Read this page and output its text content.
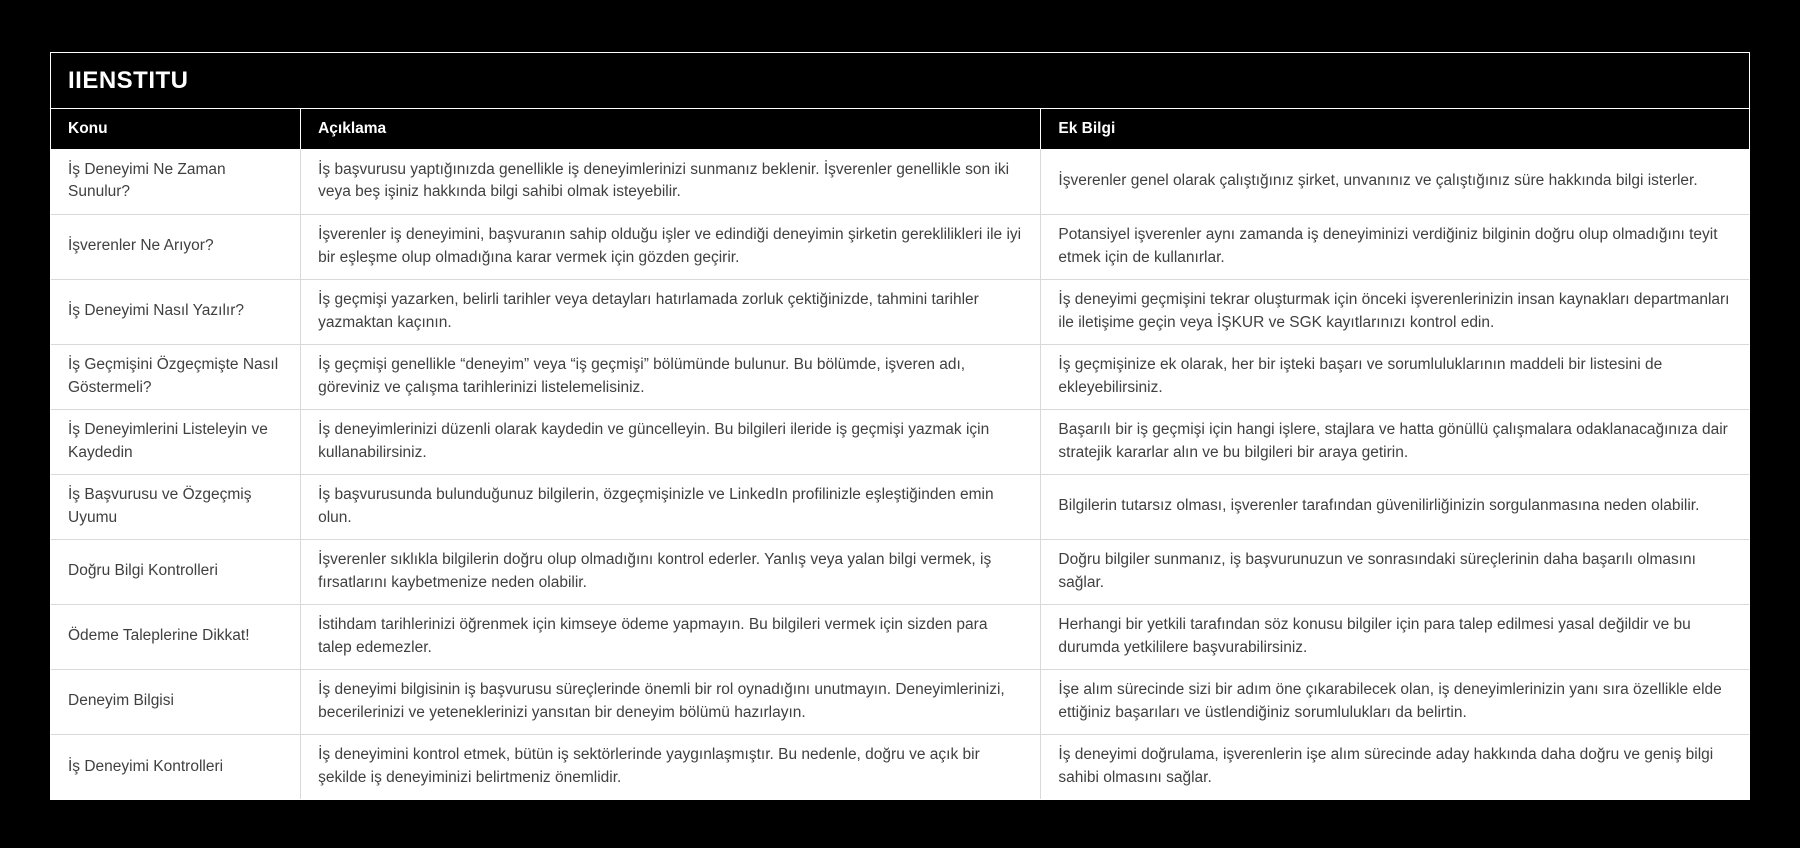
IIENSTITU
Konu	Açıklama	Ek Bilgi
İş Deneyimi Ne Zaman Sunulur?	İş başvurusu yaptığınızda genellikle iş deneyimlerinizi sunmanız beklenir. İşverenler genellikle son iki veya beş işiniz hakkında bilgi sahibi olmak isteyebilir.	İşverenler genel olarak çalıştığınız şirket, unvanınız ve çalıştığınız süre hakkında bilgi isterler.
İşverenler Ne Arıyor?	İşverenler iş deneyimini, başvuranın sahip olduğu işler ve edindiği deneyimin şirketin gereklilikleri ile iyi bir eşleşme olup olmadığına karar vermek için gözden geçirir.	Potansiyel işverenler aynı zamanda iş deneyiminizi verdiğiniz bilginin doğru olup olmadığını teyit etmek için de kullanırlar.
İş Deneyimi Nasıl Yazılır?	İş geçmişi yazarken, belirli tarihler veya detayları hatırlamada zorluk çektiğinizde, tahmini tarihler yazmaktan kaçının.	İş deneyimi geçmişini tekrar oluşturmak için önceki işverenlerinizin insan kaynakları departmanları ile iletişime geçin veya İŞKUR ve SGK kayıtlarınızı kontrol edin.
İş Geçmişini Özgeçmişte Nasıl Göstermeli?	İş geçmişi genellikle “deneyim” veya “iş geçmişi” bölümünde bulunur. Bu bölümde, işveren adı, göreviniz ve çalışma tarihlerinizi listelemelisiniz.	İş geçmişinize ek olarak, her bir işteki başarı ve sorumluluklarının maddeli bir listesini de ekleyebilirsiniz.
İş Deneyimlerini Listeleyin ve Kaydedin	İş deneyimlerinizi düzenli olarak kaydedin ve güncelleyin. Bu bilgileri ileride iş geçmişi yazmak için kullanabilirsiniz.	Başarılı bir iş geçmişi için hangi işlere, stajlara ve hatta gönüllü çalışmalara odaklanacağınıza dair stratejik kararlar alın ve bu bilgileri bir araya getirin.
İş Başvurusu ve Özgeçmiş Uyumu	İş başvurusunda bulunduğunuz bilgilerin, özgeçmişinizle ve LinkedIn profilinizle eşleştiğinden emin olun.	Bilgilerin tutarsız olması, işverenler tarafından güvenilirliğinizin sorgulanmasına neden olabilir.
Doğru Bilgi Kontrolleri	İşverenler sıklıkla bilgilerin doğru olup olmadığını kontrol ederler. Yanlış veya yalan bilgi vermek, iş fırsatlarını kaybetmenize neden olabilir.	Doğru bilgiler sunmanız, iş başvurunuzun ve sonrasındaki süreçlerinin daha başarılı olmasını sağlar.
Ödeme Taleplerine Dikkat!	İstihdam tarihlerinizi öğrenmek için kimseye ödeme yapmayın. Bu bilgileri vermek için sizden para talep edemezler.	Herhangi bir yetkili tarafından söz konusu bilgiler için para talep edilmesi yasal değildir ve bu durumda yetkililere başvurabilirsiniz.
Deneyim Bilgisi	İş deneyimi bilgisinin iş başvurusu süreçlerinde önemli bir rol oynadığını unutmayın. Deneyimlerinizi, becerilerinizi ve yeteneklerinizi yansıtan bir deneyim bölümü hazırlayın.	İşe alım sürecinde sizi bir adım öne çıkarabilecek olan, iş deneyimlerinizin yanı sıra özellikle elde ettiğiniz başarıları ve üstlendiğiniz sorumlulukları da belirtin.
İş Deneyimi Kontrolleri	İş deneyimini kontrol etmek, bütün iş sektörlerinde yaygınlaşmıştır. Bu nedenle, doğru ve açık bir şekilde iş deneyiminizi belirtmeniz önemlidir.	İş deneyimi doğrulama, işverenlerin işe alım sürecinde aday hakkında daha doğru ve geniş bilgi sahibi olmasını sağlar.
